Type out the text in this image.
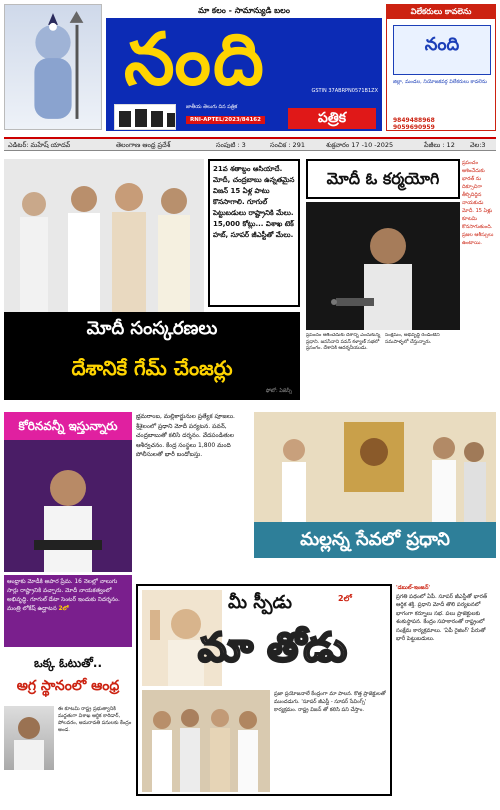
మా కలం - సామాన్యుడి బలం
నంది	GSTIN 37ABRPN0571B1ZX
జాతీయ తెలుగు దిన పత్రిక
RNI-APTEL/2023/84162	పత్రిక
విలేకరులు కావలెను
నంది
జిల్లా, మండల, నియోజకవర్గ విలేకరులు కావలెను
9849488968
9059690959
ఎడిటర్: మహేష్ యాదవ్	తెలంగాణ ఆంధ్ర ప్రదేశ్	సంపుటి : 3	సంచిక : 291	శుక్రవారం 17 -10 -2025	పేజీలు : 12 వెల:3
21వ శతాబ్దం ఆసియాదే. మోదీ, చంద్రబాబు ఉన్నతమైన విజన్ 15 ఏళ్ల పాటు కొనసాగాలి. గూగుల్ పెట్టుబడులు రాష్ట్రానికి మేలు. 15,000 కోట్లు... విశాఖ టెక్ హబ్, సూపర్ జీఎస్టీతో మేలు.
మోదీ సంస్కరణలు
దేశానికే గేమ్ చేంజర్లు
ఫోటో: ఏజెన్సీ
మోదీ ఓ కర్మయోగి
ప్రపంచం ఆశించేదుకు భారత్ ను దిక్సూచిగా తీర్చిదిద్దిన నాయకుడు మోదీ. 15 ఏళ్లు కూటమి కొనసాగుతుంది. ప్రజల ఆశీస్సులు ఉంటాయి.
ప్రపంచం ఆశించేదుకు దేశాన్ని ఎంచుకున్న ప్రధాని. జనసేనాని పవన్ కళ్యాణ్ సభలో ప్రసంగం. దేశానికి ఆదర్శనీయుడు. సంక్షేమం, అభివృద్ధి రెండింటినీ సమపాళ్ళలో చేస్తున్నారు.
కోరినవన్నీ ఇస్తున్నారు
ఆంధ్రాకు మోడీకి అపార ప్రేమ. 16 నెలల్లో నాలుగు సార్లు రాష్ట్రానికి వచ్చారు. మోదీ నాయకత్వంలో అభివృద్ధి. గూగుల్ డేటా సెంటర్ ఇందుకు నిదర్శనం. మంత్రి లోకేష్ ఉద్ఘాటన 2లో
భ్రమరాంబ, మల్లికార్జునుల ప్రత్యేక పూజలు. శ్రీశైలంలో ప్రధాని మోదీ పర్యటన. పవన్, చంద్రబాబుతో కలిసి దర్శనం. వేదపండితుల ఆశీర్వచనం. కేంద్ర సంస్థలు 1,800 మంది పోలీసులతో భారీ బందోబస్తు.
మల్లన్న సేవలో ప్రధాని
ఒక్క ఓటుతో..
అగ్ర స్థానంలో ఆంధ్ర
ఈ కూటమి రాష్ట్ర ప్రభుత్వానికి మద్దతుగా విశాఖ ఆర్థిక కారిడార్, పోలవరం, అమరావతి పనులకు కేంద్రం అండ.
మీ స్పీడు	2లో
మా తోడు
ప్రజా ప్రయోజనాలే కేంద్రంగా మా పాలన. కొత్త ప్రాజెక్టులతో ముందడుగు. 'సూపర్ జీఎస్టీ - సూపర్ సేవింగ్స్' కార్యక్రమం. రాష్ట్ర విజన్ తో కలిసి పని చేస్తాం.
'డబుల్-ఇంజన్'
ప్రగతి పథంలో ఏపీ. సూపర్ జీఎస్టీతో భారత్ ఆర్థిక శక్తి. ప్రధాని మోదీ తొలి పర్యటనలో భాగంగా కర్నూలు సభ. పలు ప్రాజెక్టులకు శంకుస్థాపన. కేంద్రం సహకారంతో రాష్ట్రంలో సంక్షేమ కార్యక్రమాలు. 'ఏపీ రైజింగ్' పేరుతో భారీ పెట్టుబడులు.
